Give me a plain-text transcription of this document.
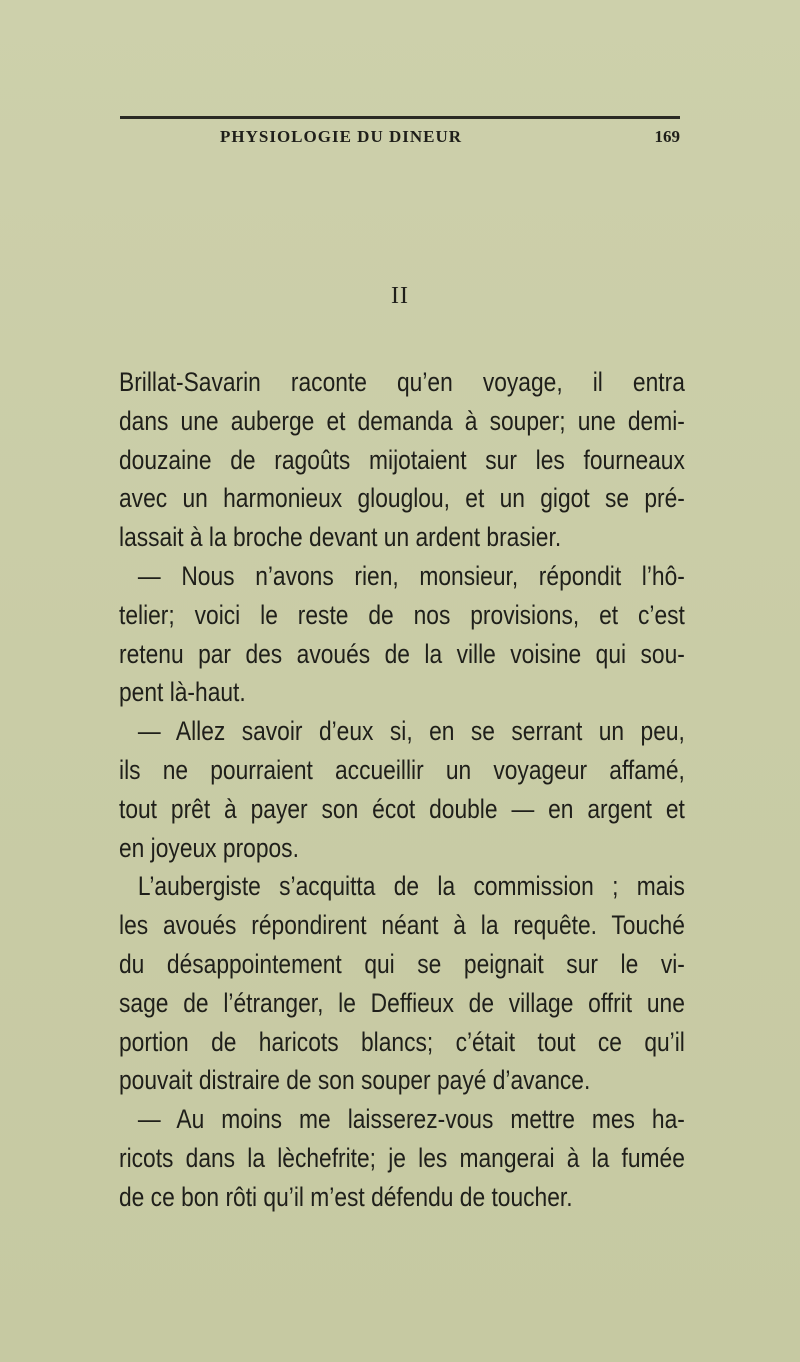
PHYSIOLOGIE DU DINEUR	169
II
Brillat-Savarin raconte qu’en voyage, il entra
dans une auberge et demanda à souper; une demi-
douzaine de ragoûts mijotaient sur les fourneaux
avec un harmonieux glouglou, et un gigot se pré-
lassait à la broche devant un ardent brasier.
— Nous n’avons rien, monsieur, répondit l’hô-
telier; voici le reste de nos provisions, et c’est
retenu par des avoués de la ville voisine qui sou-
pent là-haut.
— Allez savoir d’eux si, en se serrant un peu,
ils ne pourraient accueillir un voyageur affamé,
tout prêt à payer son écot double — en argent et
en joyeux propos.
L’aubergiste s’acquitta de la commission ; mais
les avoués répondirent néant à la requête. Touché
du désappointement qui se peignait sur le vi-
sage de l’étranger, le Deffieux de village offrit une
portion de haricots blancs; c’était tout ce qu’il
pouvait distraire de son souper payé d’avance.
— Au moins me laisserez-vous mettre mes ha-
ricots dans la lèchefrite; je les mangerai à la fumée
de ce bon rôti qu’il m’est défendu de toucher.
